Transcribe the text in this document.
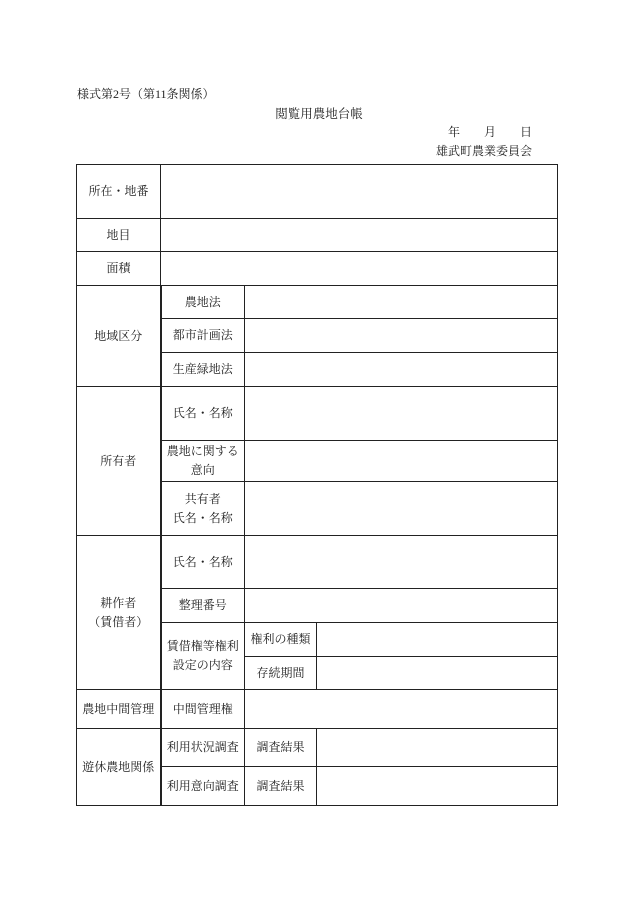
様式第2号（第11条関係）
閲覧用農地台帳
年　　月　　日
雄武町農業委員会
所在・地番			
地目			
面積			
地域区分	農地法		
	都市計画法		
	生産緑地法		
所有者	氏名・名称		
	農地に関する
意向		
	共有者
氏名・名称		
耕作者
（賃借者）	氏名・名称		
	整理番号		
	賃借権等権利
設定の内容	権利の種類	
		存続期間	
農地中間管理	中間管理権		
遊休農地関係	利用状況調査	調査結果	
	利用意向調査	調査結果	
